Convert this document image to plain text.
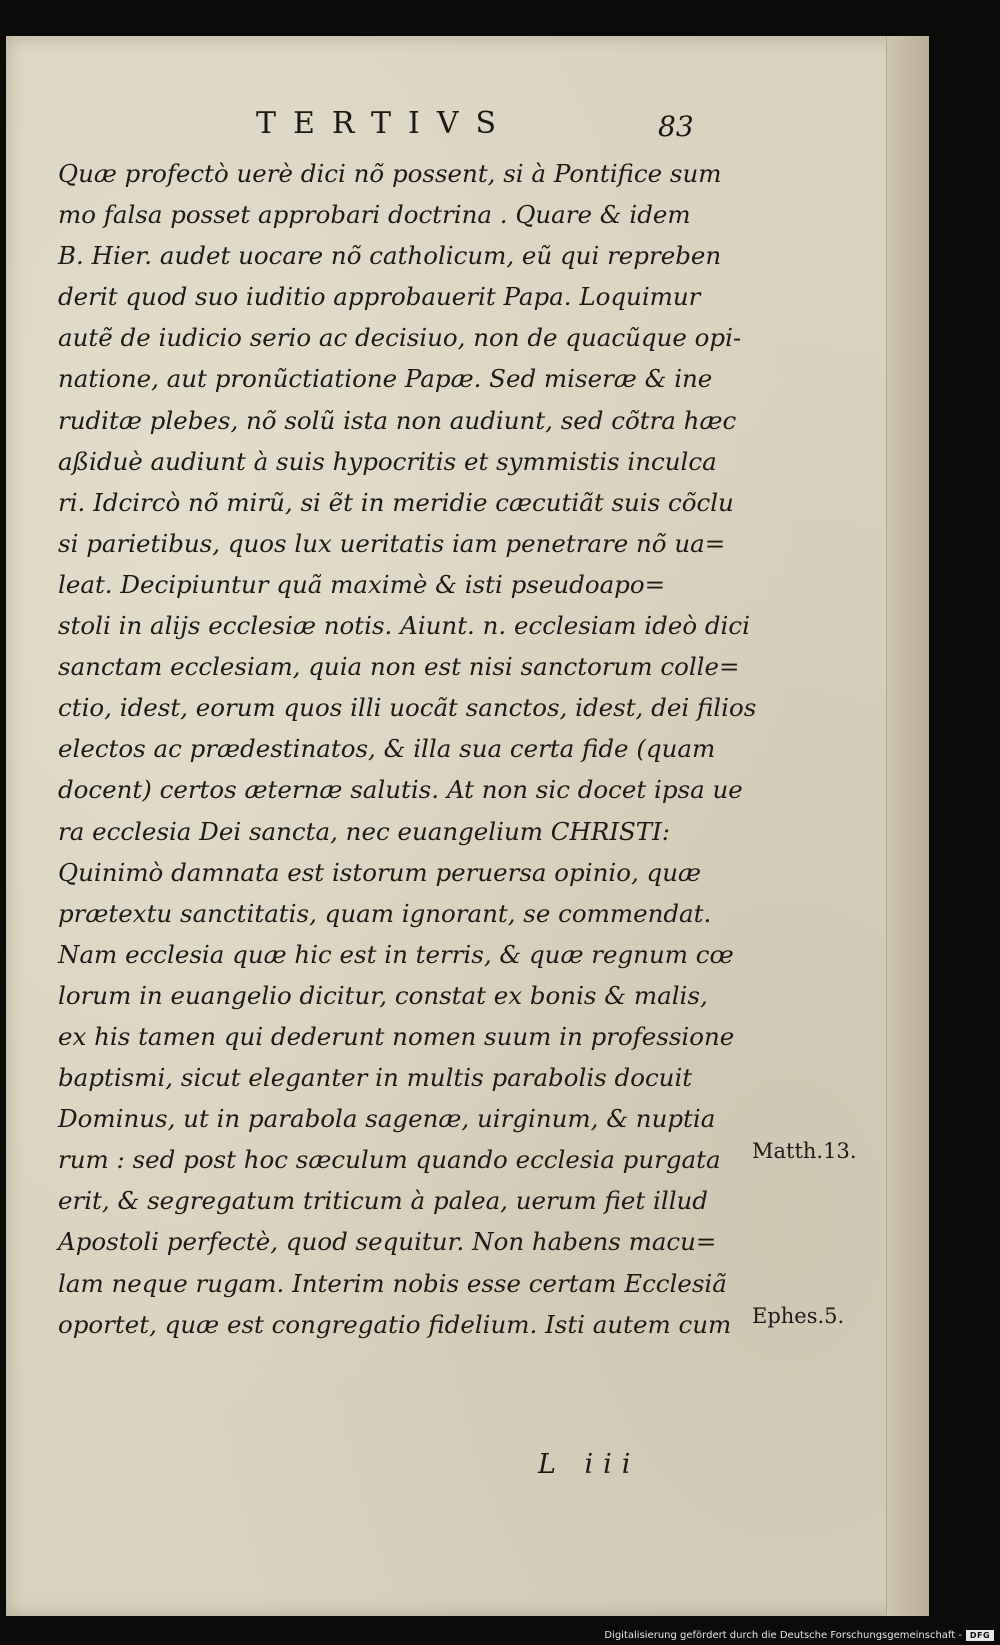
TERTIVS	83
Quæ profectò uerè dici nõ possent, si à Pontifice sum
mo falsa posset approbari doctrina . Quare & idem
B. Hier. audet uocare nõ catholicum, eũ qui repreben
derit quod suo iuditio approbauerit Papa. Loquimur
autẽ de iudicio serio ac decisiuo, non de quacũque opi-
natione, aut pronũctiatione Papæ. Sed miseræ & ine
ruditæ plebes, nõ solũ ista non audiunt, sed cõtra hæc
aßiduè audiunt à suis hypocritis et symmistis inculca
ri. Idcircò nõ mirũ, si ẽt in meridie cæcutiãt suis cõclu
si parietibus, quos lux ueritatis iam penetrare nõ ua=
leat. Decipiuntur quã maximè & isti pseudoapo=
stoli in alijs ecclesiæ notis. Aiunt. n. ecclesiam ideò dici
sanctam ecclesiam, quia non est nisi sanctorum colle=
ctio, idest, eorum quos illi uocãt sanctos, idest, dei filios
electos ac prædestinatos, & illa sua certa fide (quam
docent) certos æternæ salutis. At non sic docet ipsa ue
ra ecclesia Dei sancta, nec euangelium CHRISTI:
Quinimò damnata est istorum peruersa opinio, quæ
prætextu sanctitatis, quam ignorant, se commendat.
Nam ecclesia quæ hic est in terris, & quæ regnum cœ
lorum in euangelio dicitur, constat ex bonis & malis,
ex his tamen qui dederunt nomen suum in professione
baptismi, sicut eleganter in multis parabolis docuit
Dominus, ut in parabola sagenæ, uirginum, & nuptia
rum : sed post hoc sæculum quando ecclesia purgata
erit, & segregatum triticum à palea, uerum fiet illud
Apostoli perfectè, quod sequitur. Non habens macu=
lam neque rugam. Interim nobis esse certam Ecclesiã
oportet, quæ est congregatio fidelium. Isti autem cum
Matth.13.
Ephes.5.
L iii
Digitalisierung gefördert durch die Deutsche Forschungsgemeinschaft - DFG
